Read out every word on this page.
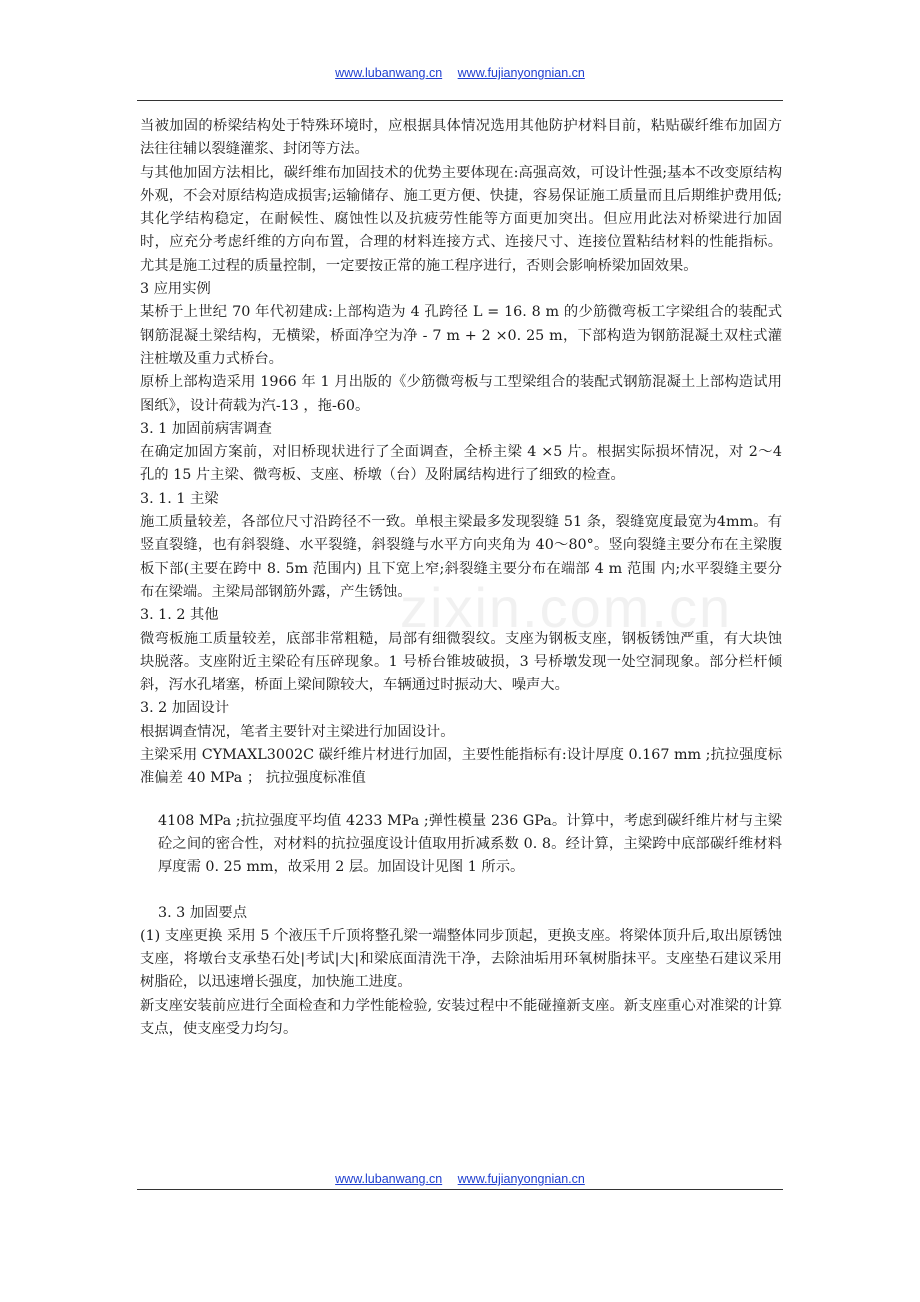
www.lubanwang.cn www.fujianyongnian.cn
zixin.com.cn

当被加固的桥梁结构处于特殊环境时，应根据具体情况选用其他防护材料目前，粘贴碳纤维布加固方法往往辅以裂缝灌浆、封闭等方法。

与其他加固方法相比，碳纤维布加固技术的优势主要体现在:高强高效，可设计性强;基本不改变原结构外观，不会对原结构造成损害;运输储存、施工更方便、快捷，容易保证施工质量而且后期维护费用低;其化学结构稳定，在耐候性、腐蚀性以及抗疲劳性能等方面更加突出。但应用此法对桥梁进行加固时，应充分考虑纤维的方向布置，合理的材料连接方式、连接尺寸、连接位置粘结材料的性能指标。尤其是施工过程的质量控制，一定要按正常的施工程序进行，否则会影响桥梁加固效果。

3 应用实例

某桥于上世纪 70 年代初建成:上部构造为 4 孔跨径 L = 16. 8 m 的少筋微弯板工字梁组合的装配式钢筋混凝土梁结构，无横梁，桥面净空为净 - 7 m + 2 ×0. 25 m，下部构造为钢筋混凝土双柱式灌注桩墩及重力式桥台。

原桥上部构造采用 1966 年 1 月出版的《少筋微弯板与工型梁组合的装配式钢筋混凝土上部构造试用图纸》，设计荷载为汽-13 ，拖-60。

3. 1 加固前病害调查

在确定加固方案前，对旧桥现状进行了全面调查，全桥主梁 4 ×5 片。根据实际损坏情况，对 2～4 孔的 15 片主梁、微弯板、支座、桥墩（台）及附属结构进行了细致的检查。

3. 1. 1 主梁

施工质量较差，各部位尺寸沿跨径不一致。单根主梁最多发现裂缝 51 条，裂缝宽度最宽为4mm。有竖直裂缝，也有斜裂缝、水平裂缝，斜裂缝与水平方向夹角为 40～80°。竖向裂缝主要分布在主梁腹板下部(主要在跨中 8. 5m 范围内) 且下宽上窄;斜裂缝主要分布在端部 4 m 范围 内;水平裂缝主要分布在梁端。主梁局部钢筋外露，产生锈蚀。

3. 1. 2 其他

微弯板施工质量较差，底部非常粗糙，局部有细微裂纹。支座为钢板支座，钢板锈蚀严重，有大块蚀块脱落。支座附近主梁砼有压碎现象。1 号桥台锥坡破损，3 号桥墩发现一处空洞现象。部分栏杆倾斜，泻水孔堵塞，桥面上梁间隙较大，车辆通过时振动大、噪声大。

3. 2 加固设计

根据调查情况，笔者主要针对主梁进行加固设计。

主梁采用 CYMAXL3002C 碳纤维片材进行加固，主要性能指标有:设计厚度 0.167 mm ;抗拉强度标准偏差 40 MPa ； 抗拉强度标准值

4108 MPa ;抗拉强度平均值 4233 MPa ;弹性模量 236 GPa。计算中，考虑到碳纤维片材与主梁砼之间的密合性，对材料的抗拉强度设计值取用折减系数 0. 8。经计算，主梁跨中底部碳纤维材料厚度需 0. 25 mm，故采用 2 层。加固设计见图 1 所示。

3. 3 加固要点

(1) 支座更换 采用 5 个液压千斤顶将整孔梁一端整体同步顶起，更换支座。将梁体顶升后,取出原锈蚀支座，将墩台支承垫石处|考试|大|和梁底面清洗干净，去除油垢用环氧树脂抹平。支座垫石建议采用树脂砼，以迅速增长强度，加快施工进度。

新支座安装前应进行全面检查和力学性能检验, 安装过程中不能碰撞新支座。新支座重心对准梁的计算支点，使支座受力均匀。

www.lubanwang.cn www.fujianyongnian.cn
